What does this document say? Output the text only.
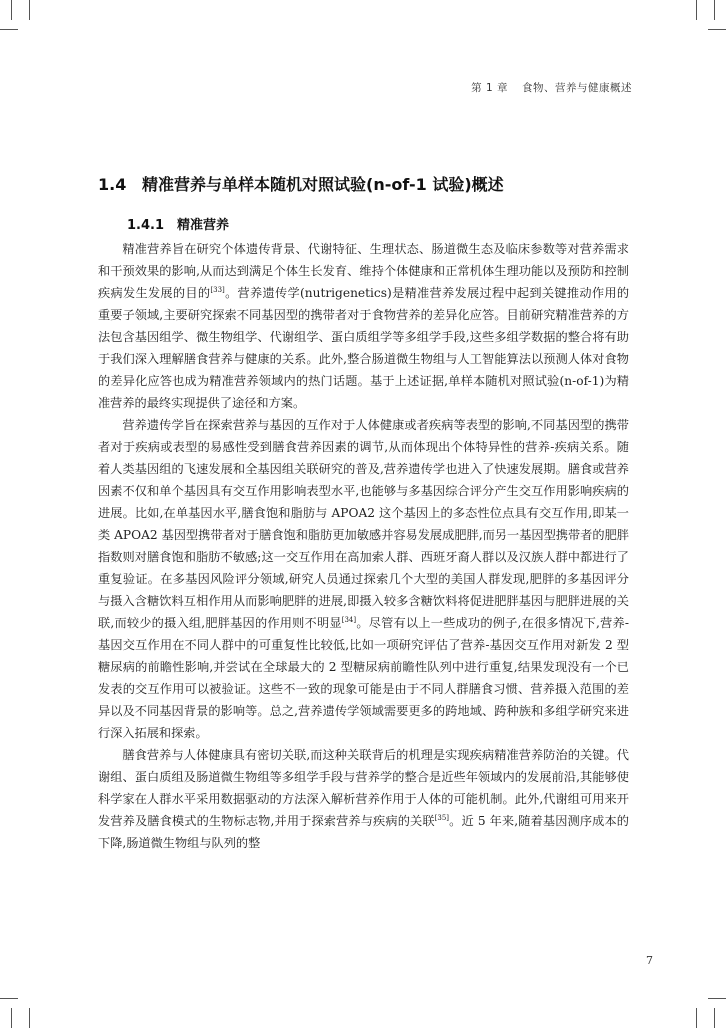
第 1 章 食物、营养与健康概述
1.4 精准营养与单样本随机对照试验(n-of-1 试验)概述
1.4.1 精准营养

精准营养旨在研究个体遗传背景、代谢特征、生理状态、肠道微生态及临床参数等对营养需求和干预效果的影响,从而达到满足个体生长发育、维持个体健康和正常机体生理功能以及预防和控制疾病发生发展的目的[33]。营养遗传学(nutrigenetics)是精准营养发展过程中起到关键推动作用的重要子领域,主要研究探索不同基因型的携带者对于食物营养的差异化应答。目前研究精准营养的方法包含基因组学、微生物组学、代谢组学、蛋白质组学等多组学手段,这些多组学数据的整合将有助于我们深入理解膳食营养与健康的关系。此外,整合肠道微生物组与人工智能算法以预测人体对食物的差异化应答也成为精准营养领域内的热门话题。基于上述证据,单样本随机对照试验(n-of-1)为精准营养的最终实现提供了途径和方案。

营养遗传学旨在探索营养与基因的互作对于人体健康或者疾病等表型的影响,不同基因型的携带者对于疾病或表型的易感性受到膳食营养因素的调节,从而体现出个体特异性的营养-疾病关系。随着人类基因组的飞速发展和全基因组关联研究的普及,营养遗传学也进入了快速发展期。膳食或营养因素不仅和单个基因具有交互作用影响表型水平,也能够与多基因综合评分产生交互作用影响疾病的进展。比如,在单基因水平,膳食饱和脂肪与 APOA2 这个基因上的多态性位点具有交互作用,即某一类 APOA2 基因型携带者对于膳食饱和脂肪更加敏感并容易发展成肥胖,而另一基因型携带者的肥胖指数则对膳食饱和脂肪不敏感;这一交互作用在高加索人群、西班牙裔人群以及汉族人群中都进行了重复验证。在多基因风险评分领域,研究人员通过探索几个大型的美国人群发现,肥胖的多基因评分与摄入含糖饮料互相作用从而影响肥胖的进展,即摄入较多含糖饮料将促进肥胖基因与肥胖进展的关联,而较少的摄入组,肥胖基因的作用则不明显[34]。尽管有以上一些成功的例子,在很多情况下,营养-基因交互作用在不同人群中的可重复性比较低,比如一项研究评估了营养-基因交互作用对新发 2 型糖尿病的前瞻性影响,并尝试在全球最大的 2 型糖尿病前瞻性队列中进行重复,结果发现没有一个已发表的交互作用可以被验证。这些不一致的现象可能是由于不同人群膳食习惯、营养摄入范围的差异以及不同基因背景的影响等。总之,营养遗传学领域需要更多的跨地域、跨种族和多组学研究来进行深入拓展和探索。

膳食营养与人体健康具有密切关联,而这种关联背后的机理是实现疾病精准营养防治的关键。代谢组、蛋白质组及肠道微生物组等多组学手段与营养学的整合是近些年领域内的发展前沿,其能够使科学家在人群水平采用数据驱动的方法深入解析营养作用于人体的可能机制。此外,代谢组可用来开发营养及膳食模式的生物标志物,并用于探索营养与疾病的关联[35]。近 5 年来,随着基因测序成本的下降,肠道微生物组与队列的整

7
